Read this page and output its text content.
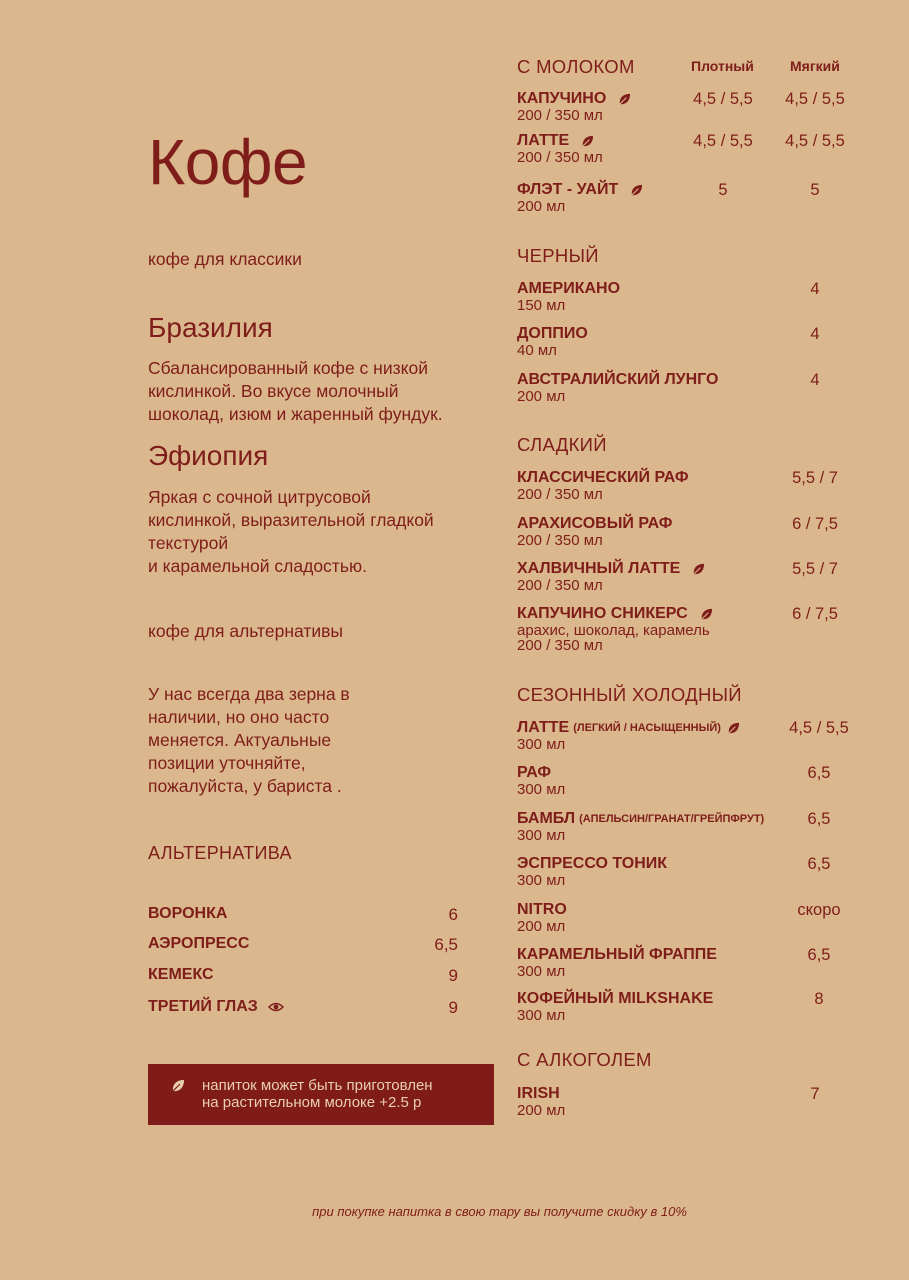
Кофе
кофе для классики
Бразилия
Сбалансированный кофе с низкой
кислинкой. Во вкусе молочный
шоколад, изюм и жаренный фундук.
Эфиопия
Яркая с сочной цитрусовой
кислинкой, выразительной гладкой
текстурой
и карамельной сладостью.
кофе для альтернативы
У нас всегда два зерна в
наличии, но оно часто
меняется. Актуальные
позиции уточняйте,
пожалуйста, у бариста .
АЛЬТЕРНАТИВА
ВОРОНКА	6
АЭРОПРЕСС	6,5
КЕМЕКС	9
ТРЕТИЙ ГЛАЗ	9
напиток может быть приготовлен
на растительном молоке +2.5 р
при покупке напитка в свою тару вы получите скидку в 10%
С МОЛОКОМ	Плотный	Мягкий
КАПУЧИНО
200 / 350 мл
4,5 / 5,5	4,5 / 5,5
ЛАТТЕ
200 / 350 мл
4,5 / 5,5	4,5 / 5,5
ФЛЭТ - УАЙТ
200 мл
5	5
ЧЕРНЫЙ
АМЕРИКАНО
150 мл
4
ДОППИО
40 мл
4
АВСТРАЛИЙСКИЙ ЛУНГО
200 мл
4
СЛАДКИЙ
КЛАССИЧЕСКИЙ РАФ
200 / 350 мл
5,5 / 7
АРАХИСОВЫЙ РАФ
200 / 350 мл
6 / 7,5
ХАЛВИЧНЫЙ ЛАТТЕ
200 / 350 мл
5,5 / 7
КАПУЧИНО СНИКЕРС
арахис, шоколад, карамель
200 / 350 мл
6 / 7,5
СЕЗОННЫЙ ХОЛОДНЫЙ
ЛАТТЕ (ЛЕГКИЙ / НАСЫЩЕННЫЙ)
300 мл
4,5 / 5,5
РАФ
300 мл
6,5
БАМБЛ (АПЕЛЬСИН/ГРАНАТ/ГРЕЙПФРУТ)
300 мл
6,5
ЭСПРЕССО ТОНИК
300 мл
6,5
NITRO
200 мл
скоро
КАРАМЕЛЬНЫЙ ФРАППЕ
300 мл
6,5
КОФЕЙНЫЙ MILKSHAKE
300 мл
8
С АЛКОГОЛЕМ
IRISH
200 мл
7
